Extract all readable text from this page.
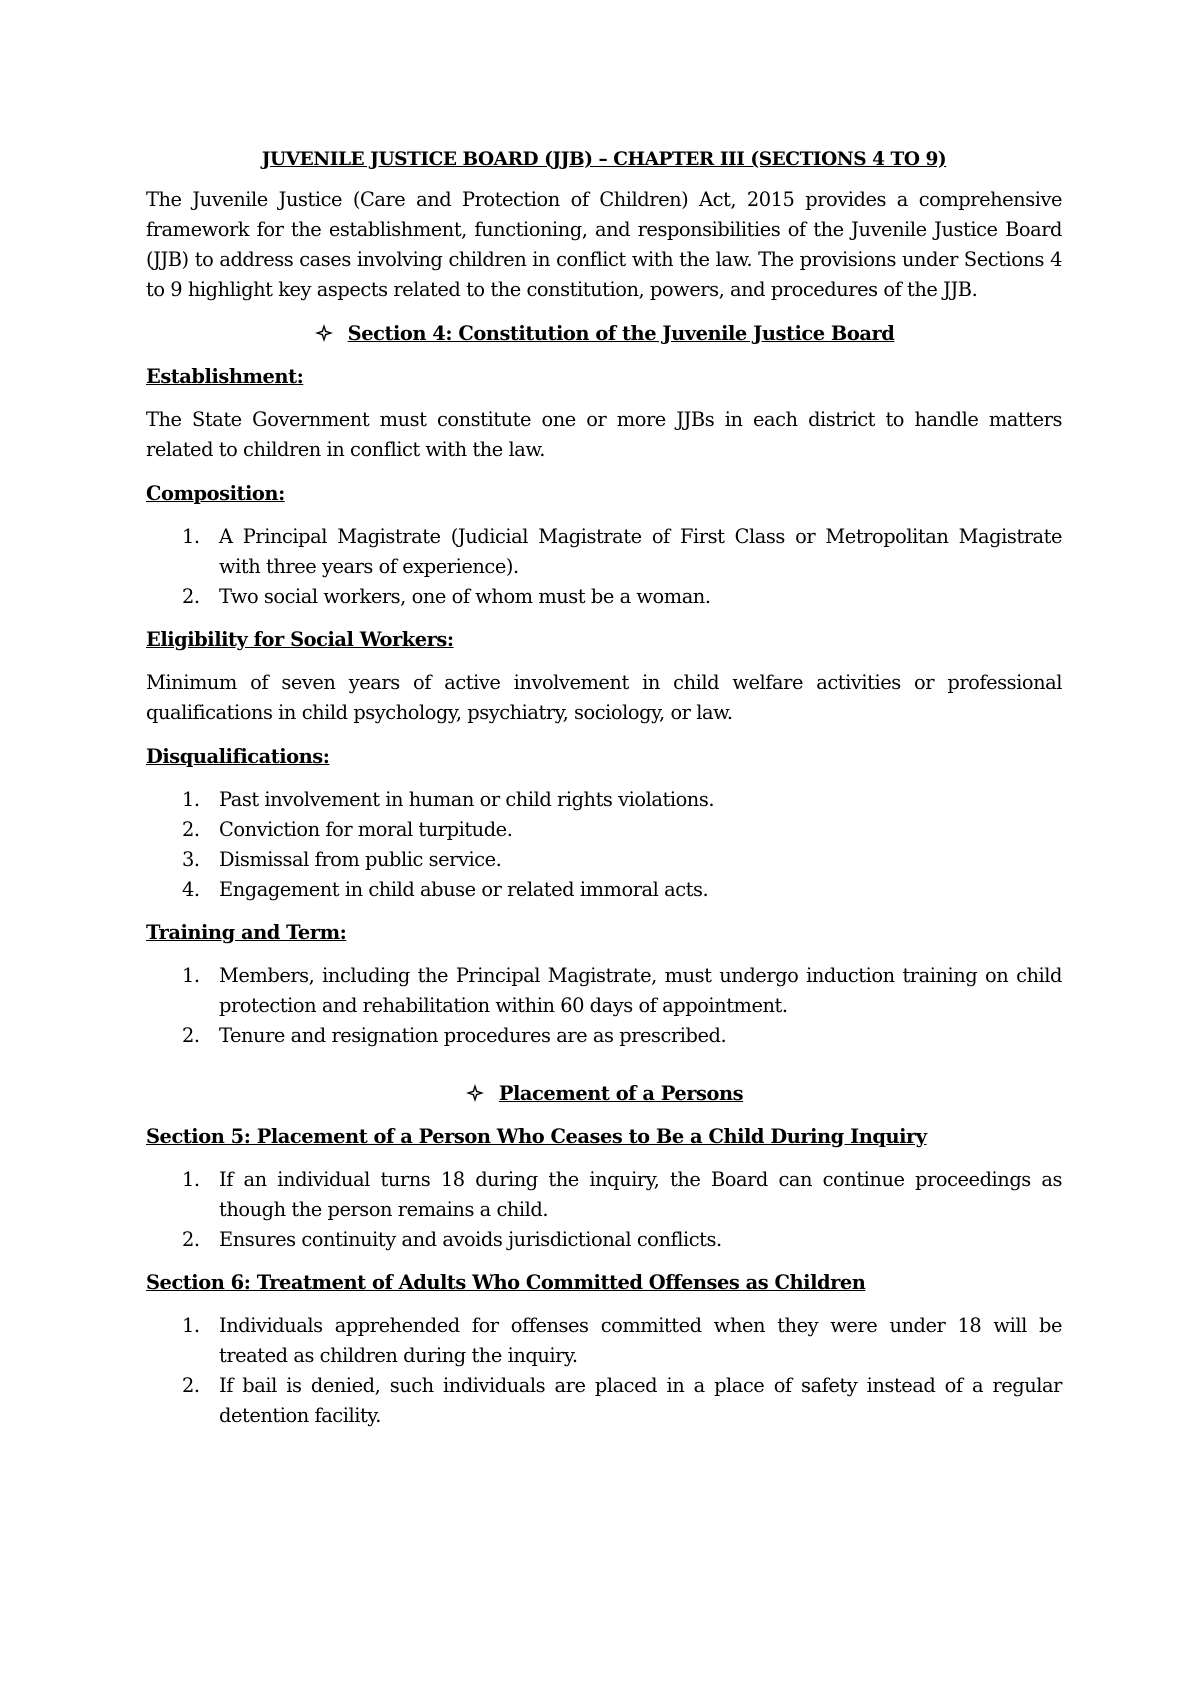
JUVENILE JUSTICE BOARD (JJB) – CHAPTER III (SECTIONS 4 TO 9)

The Juvenile Justice (Care and Protection of Children) Act, 2015 provides a comprehensive framework for the establishment, functioning, and responsibilities of the Juvenile Justice Board (JJB) to address cases involving children in conflict with the law. The provisions under Sections 4 to 9 highlight key aspects related to the constitution, powers, and procedures of the JJB.

Section 4: Constitution of the Juvenile Justice Board
Establishment:

The State Government must constitute one or more JJBs in each district to handle matters related to children in conflict with the law.

Composition:
1. A Principal Magistrate (Judicial Magistrate of First Class or Metropolitan Magistrate with three years of experience).
2. Two social workers, one of whom must be a woman.
Eligibility for Social Workers:

Minimum of seven years of active involvement in child welfare activities or professional qualifications in child psychology, psychiatry, sociology, or law.

Disqualifications:
1. Past involvement in human or child rights violations.
2. Conviction for moral turpitude.
3. Dismissal from public service.
4. Engagement in child abuse or related immoral acts.
Training and Term:
1. Members, including the Principal Magistrate, must undergo induction training on child protection and rehabilitation within 60 days of appointment.
2. Tenure and resignation procedures are as prescribed.
Placement of a Persons
Section 5: Placement of a Person Who Ceases to Be a Child During Inquiry
1. If an individual turns 18 during the inquiry, the Board can continue proceedings as though the person remains a child.
2. Ensures continuity and avoids jurisdictional conflicts.
Section 6: Treatment of Adults Who Committed Offenses as Children
1. Individuals apprehended for offenses committed when they were under 18 will be treated as children during the inquiry.
2. If bail is denied, such individuals are placed in a place of safety instead of a regular detention facility.
